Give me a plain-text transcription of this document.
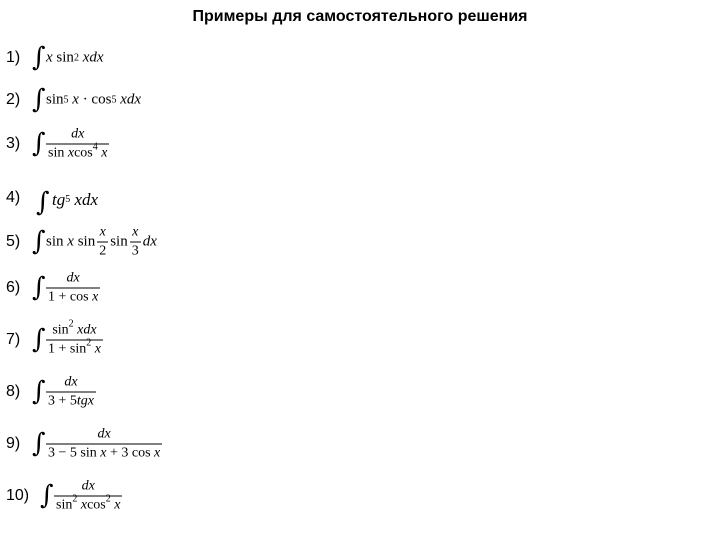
Примеры для самостоятельного решения
1) ∫ x sin 2
xdx
2) ∫ sin 5
x · cos 5
xdx
3) ∫ $\frac{dx}{\sin xcos^4 x}$
4) ∫ tg 5
xdx
5) ∫ sin x $\sin \frac{x}{2}$ $\sin \frac{x}{3}$ dx
6) ∫ $\frac{dx}{\text{1 + cos x}}$
7) ∫ $\frac{\sin^2 xdx}{1 + \sin^2 x}$
8) ∫ $\frac{dx}{\text{3 + 5tgx}}$
9) ∫ $\frac{dx}{\text{3 − 5 sin x + 3 cos x}}$
10) ∫ $\frac{dx}{\sin^2 xcos^2 x}$
